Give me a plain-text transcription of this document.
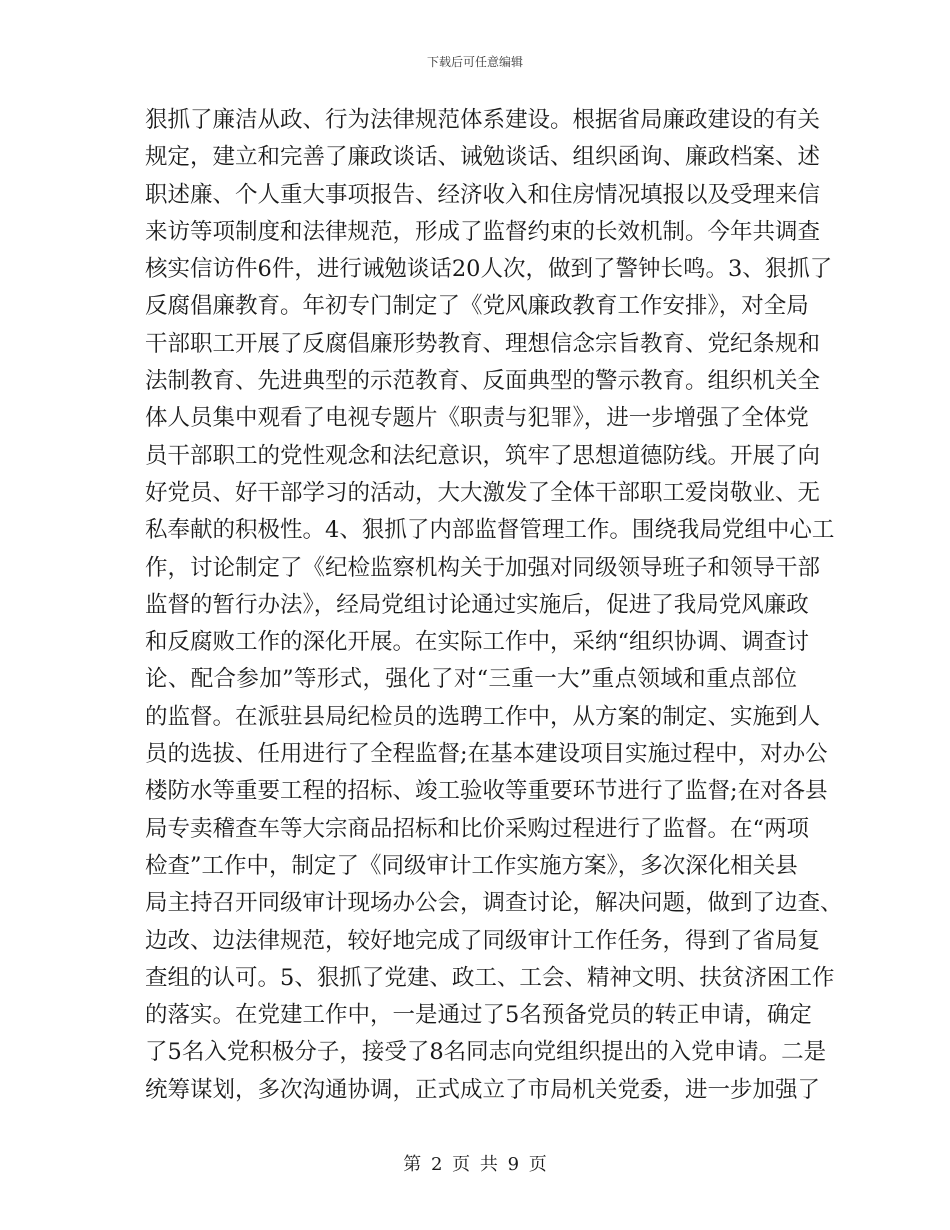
下载后可任意编辑
狠抓了廉洁从政、行为法律规范体系建设。根据省局廉政建设的有关
规定，建立和完善了廉政谈话、诫勉谈话、组织函询、廉政档案、述
职述廉、个人重大事项报告、经济收入和住房情况填报以及受理来信
来访等项制度和法律规范，形成了监督约束的长效机制。今年共调查
核实信访件6件，进行诫勉谈话20人次，做到了警钟长鸣。3、狠抓了
反腐倡廉教育。年初专门制定了《党风廉政教育工作安排》，对全局
干部职工开展了反腐倡廉形势教育、理想信念宗旨教育、党纪条规和
法制教育、先进典型的示范教育、反面典型的警示教育。组织机关全
体人员集中观看了电视专题片《职责与犯罪》，进一步增强了全体党
员干部职工的党性观念和法纪意识，筑牢了思想道德防线。开展了向
好党员、好干部学习的活动，大大激发了全体干部职工爱岗敬业、无
私奉献的积极性。4、狠抓了内部监督管理工作。围绕我局党组中心工
作，讨论制定了《纪检监察机构关于加强对同级领导班子和领导干部
监督的暂行办法》，经局党组讨论通过实施后，促进了我局党风廉政
和反腐败工作的深化开展。在实际工作中，采纳“组织协调、调查讨
论、配合参加”等形式，强化了对“三重一大”重点领域和重点部位
的监督。在派驻县局纪检员的选聘工作中，从方案的制定、实施到人
员的选拔、任用进行了全程监督;在基本建设项目实施过程中，对办公
楼防水等重要工程的招标、竣工验收等重要环节进行了监督;在对各县
局专卖稽查车等大宗商品招标和比价采购过程进行了监督。在“两项
检查”工作中，制定了《同级审计工作实施方案》，多次深化相关县
局主持召开同级审计现场办公会，调查讨论，解决问题，做到了边查、
边改、边法律规范，较好地完成了同级审计工作任务，得到了省局复
查组的认可。5、狠抓了党建、政工、工会、精神文明、扶贫济困工作
的落实。在党建工作中，一是通过了5名预备党员的转正申请，确定
了5名入党积极分子，接受了8名同志向党组织提出的入党申请。二是
统筹谋划，多次沟通协调，正式成立了市局机关党委，进一步加强了
第 2 页 共 9 页
